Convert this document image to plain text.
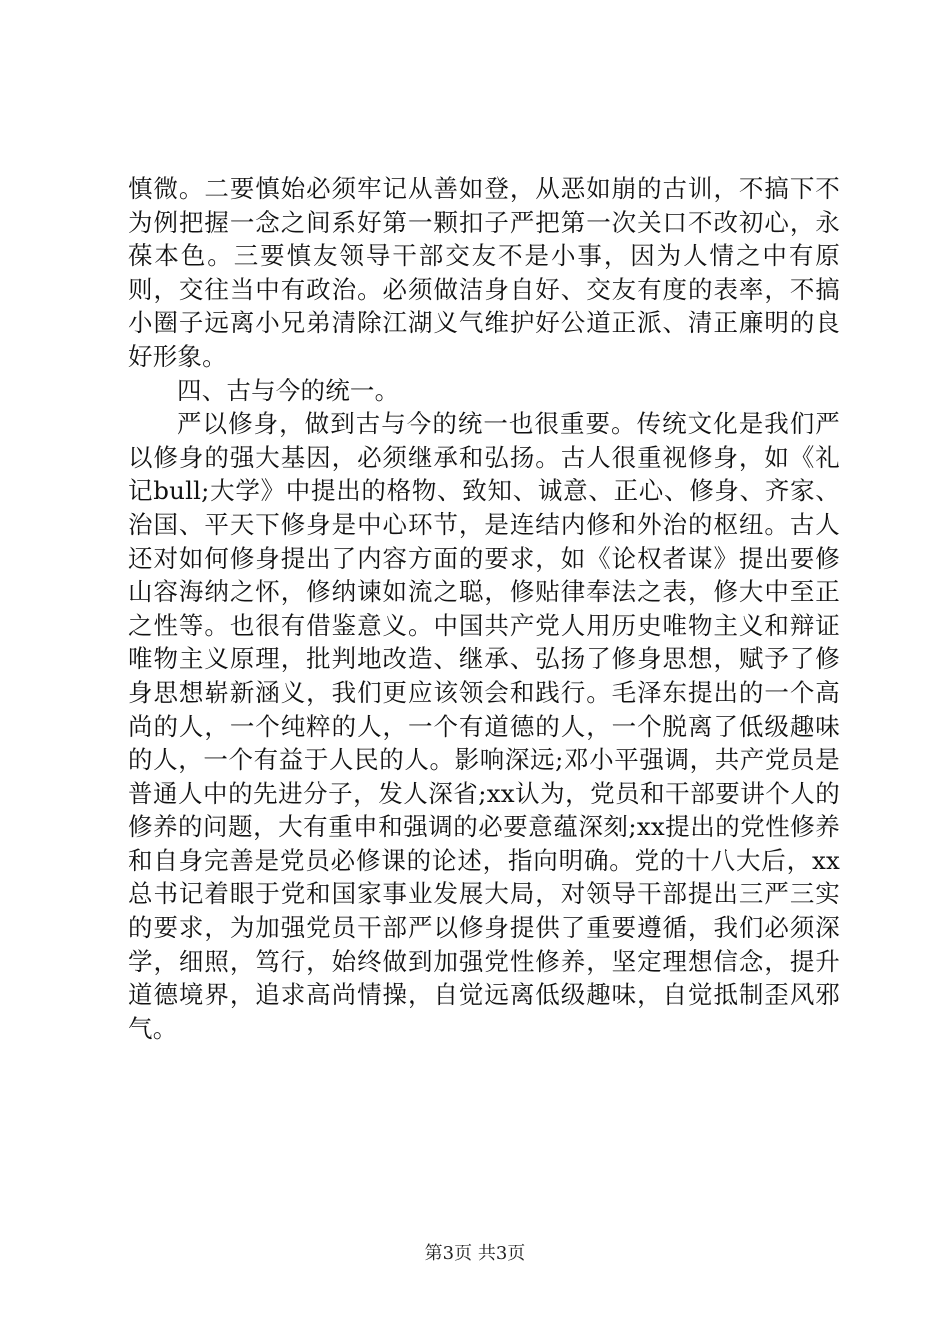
慎微。二要慎始必须牢记从善如登，从恶如崩的古训，不搞下不为例把握一念之间系好第一颗扣子严把第一次关口不改初心，永葆本色。三要慎友领导干部交友不是小事，因为人情之中有原则，交往当中有政治。必须做洁身自好、交友有度的表率，不搞小圈子远离小兄弟清除江湖义气维护好公道正派、清正廉明的良好形象。

四、古与今的统一。

严以修身，做到古与今的统一也很重要。传统文化是我们严以修身的强大基因，必须继承和弘扬。古人很重视修身，如《礼记bull;大学》中提出的格物、致知、诚意、正心、修身、齐家、治国、平天下修身是中心环节，是连结内修和外治的枢纽。古人还对如何修身提出了内容方面的要求，如《论权者谋》提出要修山容海纳之怀，修纳谏如流之聪，修贴律奉法之表，修大中至正之性等。也很有借鉴意义。中国共产党人用历史唯物主义和辩证唯物主义原理，批判地改造、继承、弘扬了修身思想，赋予了修身思想崭新涵义，我们更应该领会和践行。毛泽东提出的一个高尚的人，一个纯粹的人，一个有道德的人，一个脱离了低级趣味的人，一个有益于人民的人。影响深远;邓小平强调，共产党员是普通人中的先进分子，发人深省;xx认为，党员和干部要讲个人的修养的问题，大有重申和强调的必要意蕴深刻;xx提出的党性修养和自身完善是党员必修课的论述，指向明确。党的十八大后，xx总书记着眼于党和国家事业发展大局，对领导干部提出三严三实的要求，为加强党员干部严以修身提供了重要遵循，我们必须深学，细照，笃行，始终做到加强党性修养，坚定理想信念，提升道德境界，追求高尚情操，自觉远离低级趣味，自觉抵制歪风邪气。

第3页 共3页
